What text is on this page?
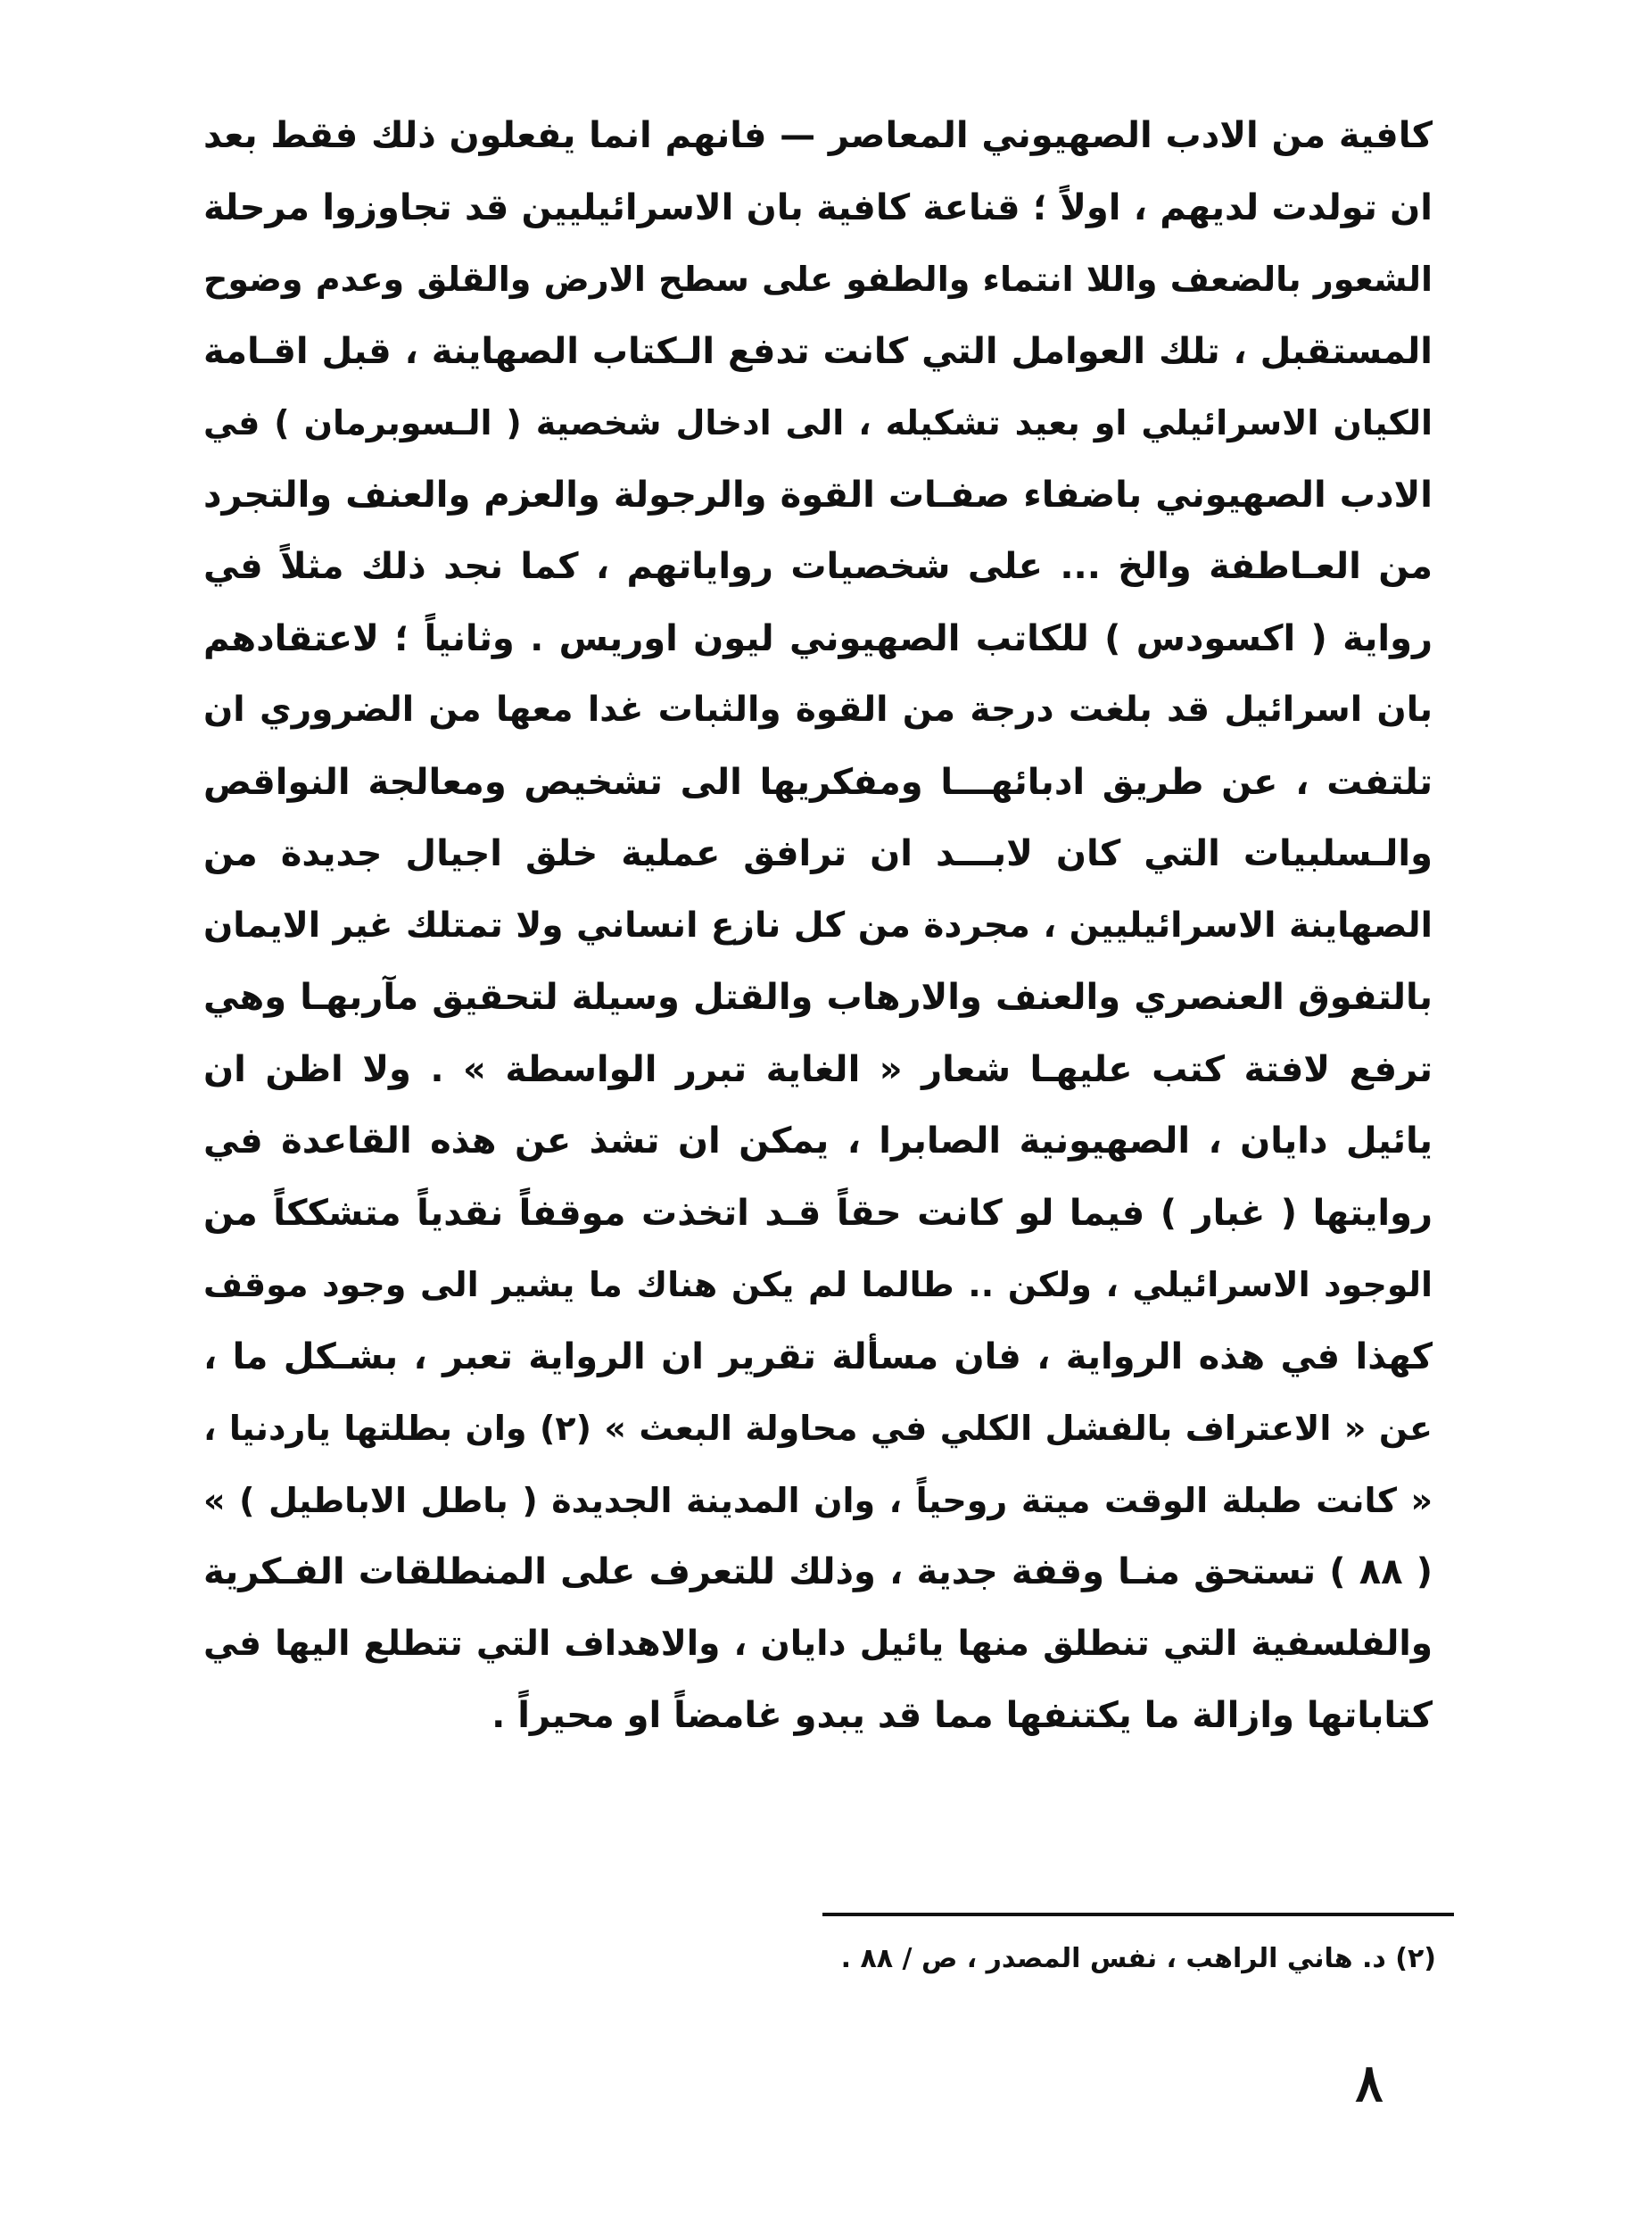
كافية من الادب الصهيوني المعاصر — فانهم انما يفعلون ذلك فقط بعد
ان تولدت لديهم ، اولاً ؛ قناعة كافية بان الاسرائيليين قد تجاوزوا مرحلة
الشعور بالضعف واللا انتماء والطفو على سطح الارض والقلق وعدم وضوح
المستقبل ، تلك العوامل التي كانت تدفع الـكتاب الصهاينة ، قبل اقـامة
الكيان الاسرائيلي او بعيد تشكيله ، الى ادخال شخصية ( الـسوبرمان ) في
الادب الصهيوني باضفاء صفـات القوة والرجولة والعزم والعنف والتجرد
من العـاطفة والخ ... على شخصيات رواياتهم ، كما نجد ذلك مثلاً في
رواية ( اكسودس ) للكاتب الصهيوني ليون اوريس . وثانياً ؛ لاعتقادهم
بان اسرائيل قد بلغت درجة من القوة والثبات غدا معها من الضروري ان
تلتفت ، عن طريق ادبائهـــا ومفكريها الى تشخيص ومعالجة النواقص
والـسلبيات التي كان لابـــد ان ترافق عملية خلق اجيال جديدة من
الصهاينة الاسرائيليين ، مجردة من كل نازع انساني ولا تمتلك غير الايمان
بالتفوق العنصري والعنف والارهاب والقتل وسيلة لتحقيق مآربهـا وهي
ترفع لافتة كتب عليهـا شعار « الغاية تبرر الواسطة » . ولا اظن ان
يائيل دايان ، الصهيونية الصابرا ، يمكن ان تشذ عن هذه القاعدة في
روايتها ( غبار ) فيما لو كانت حقاً قـد اتخذت موقفاً نقدياً متشككاً من
الوجود الاسرائيلي ، ولكن .. طالما لم يكن هناك ما يشير الى وجود موقف
كهذا في هذه الرواية ، فان مسألة تقرير ان الرواية تعبر ، بشـكل ما ،
عن « الاعتراف بالفشل الكلي في محاولة البعث » (٢) وان بطلتها ياردنيا ،
« كانت طبلة الوقت ميتة روحياً ، وان المدينة الجديدة ( باطل الاباطيل ) »
( ٨٨ ) تستحق منـا وقفة جدية ، وذلك للتعرف على المنطلقات الفـكرية
والفلسفية التي تنطلق منها يائيل دايان ، والاهداف التي تتطلع اليها في
كتاباتها وازالة ما يكتنفها مما قد يبدو غامضاً او محيراً .
(٢) د. هاني الراهب ، نفس المصدر ، ص / ٨٨ .
٨
